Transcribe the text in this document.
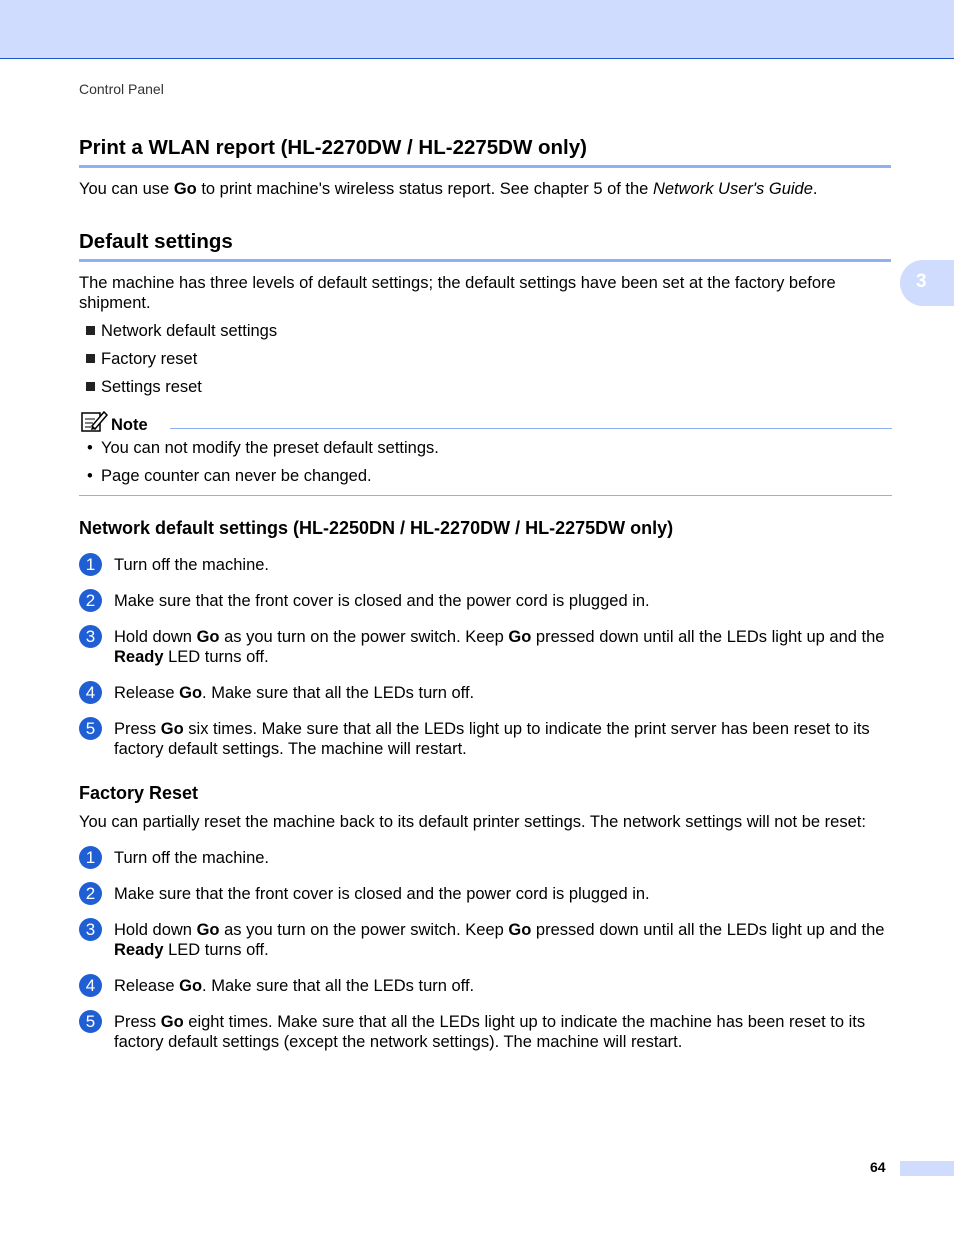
Control Panel
Print a WLAN report (HL-2270DW / HL-2275DW only)
You can use Go to print machine's wireless status report. See chapter 5 of the Network User's Guide.
Default settings
The machine has three levels of default settings; the default settings have been set at the factory before shipment.
Network default settings
Factory reset
Settings reset
Note
• You can not modify the preset default settings.
• Page counter can never be changed.
Network default settings (HL-2250DN / HL-2270DW / HL-2275DW only)
1	Turn off the machine.
2	Make sure that the front cover is closed and the power cord is plugged in.
3	Hold down Go as you turn on the power switch. Keep Go pressed down until all the LEDs light up and the Ready LED turns off.
4	Release Go. Make sure that all the LEDs turn off.
5	Press Go six times. Make sure that all the LEDs light up to indicate the print server has been reset to its factory default settings. The machine will restart.
Factory Reset
You can partially reset the machine back to its default printer settings. The network settings will not be reset:
1	Turn off the machine.
2	Make sure that the front cover is closed and the power cord is plugged in.
3	Hold down Go as you turn on the power switch. Keep Go pressed down until all the LEDs light up and the Ready LED turns off.
4	Release Go. Make sure that all the LEDs turn off.
5	Press Go eight times. Make sure that all the LEDs light up to indicate the machine has been reset to its factory default settings (except the network settings). The machine will restart.
3
64
